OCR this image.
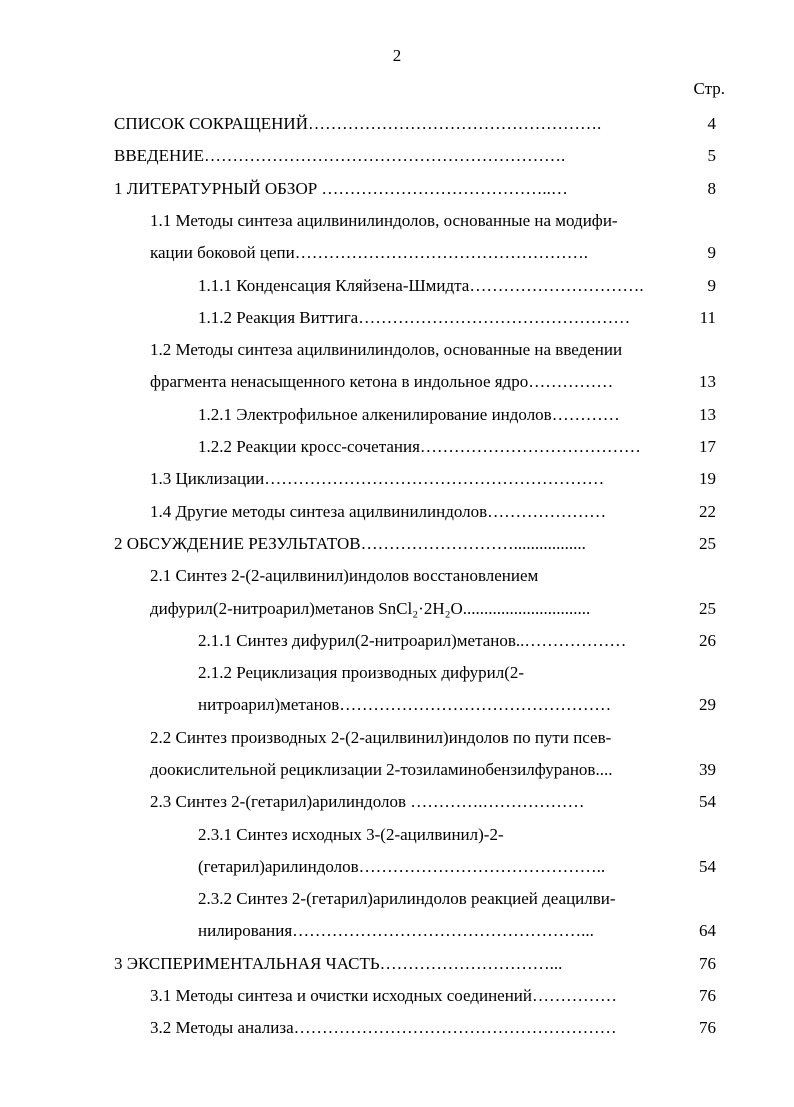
2
Стр.
СПИСОК СОКРАЩЕНИЙ…………………………………………….	4
ВВЕДЕНИЕ……………………………………………………….	5
1 ЛИТЕРАТУРНЫЙ ОБЗОР …………………………………..…	8
1.1 Методы синтеза ацилвинилиндолов, основанные на модифи-
кации боковой цепи…………………………………………….	9
1.1.1 Конденсация Кляйзена-Шмидта………………………….	9
1.1.2 Реакция Виттига…………………………………………	11
1.2 Методы синтеза ацилвинилиндолов, основанные на введении
фрагмента ненасыщенного кетона в индольное ядро……………	13
1.2.1 Электрофильное алкенилирование индолов…………	13
1.2.2 Реакции кросс-сочетания…………………………………	17
1.3 Циклизации……………………………………………………	19
1.4 Другие методы синтеза ацилвинилиндолов…………………	22
2 ОБСУЖДЕНИЕ РЕЗУЛЬТАТОВ……………………….................	25
2.1 Синтез 2-(2-ацилвинил)индолов восстановлением
дифурил(2-нитроарил)метанов SnCl₂·2H₂O..............................	25
2.1.1 Синтез дифурил(2-нитроарил)метанов..………………	26
2.1.2 Рециклизация производных дифурил(2-
нитроарил)метанов…………………………………………	29
2.2 Синтез производных 2-(2-ацилвинил)индолов по пути псев-
доокислительной рециклизации 2-тозиламинобензилфуранов....	39
2.3 Синтез 2-(гетарил)арилиндолов ………….………………	54
2.3.1 Синтез исходных 3-(2-ацилвинил)-2-
(гетарил)арилиндолов……………………………………..	54
2.3.2 Синтез 2-(гетарил)арилиндолов реакцией деацилви-
нилирования……………………………………………...	64
3 ЭКСПЕРИМЕНТАЛЬНАЯ ЧАСТЬ…………………………...	76
3.1 Методы синтеза и очистки исходных соединений……………	76
3.2 Методы анализа…………………………………………………	76
